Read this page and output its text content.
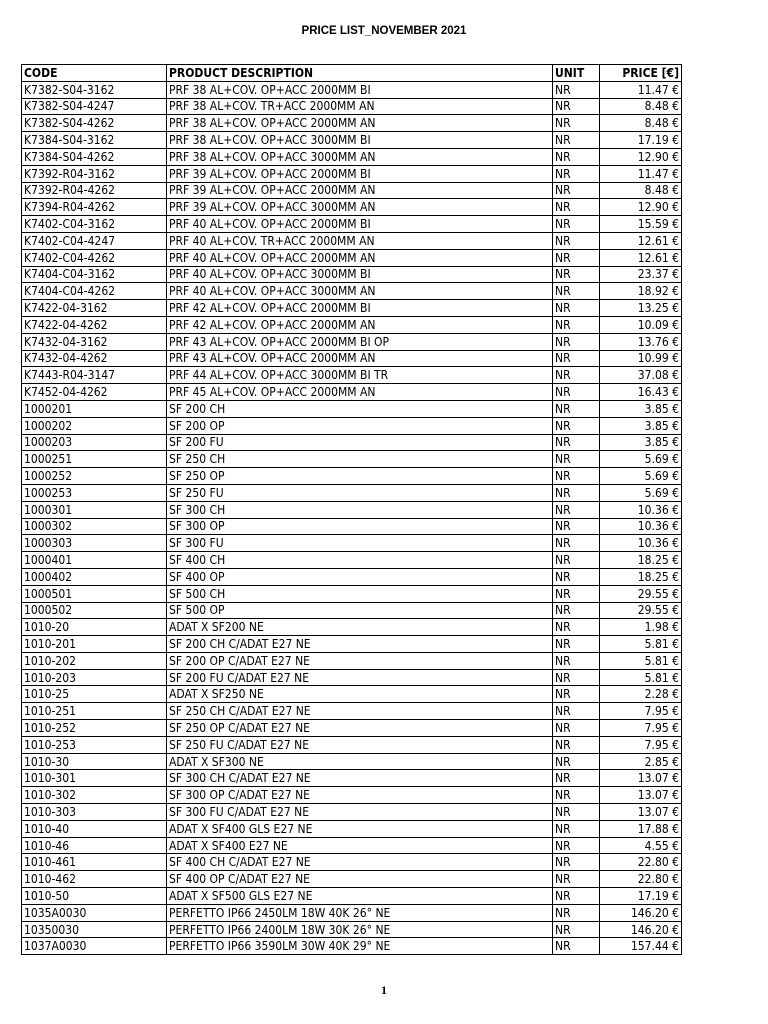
PRICE LIST_NOVEMBER 2021
CODE	PRODUCT DESCRIPTION	UNIT	PRICE [€]
K7382-S04-3162	PRF 38 AL+COV. OP+ACC 2000MM BI	NR	11.47 €
K7382-S04-4247	PRF 38 AL+COV. TR+ACC 2000MM AN	NR	8.48 €
K7382-S04-4262	PRF 38 AL+COV. OP+ACC 2000MM AN	NR	8.48 €
K7384-S04-3162	PRF 38 AL+COV. OP+ACC 3000MM BI	NR	17.19 €
K7384-S04-4262	PRF 38 AL+COV. OP+ACC 3000MM AN	NR	12.90 €
K7392-R04-3162	PRF 39 AL+COV. OP+ACC 2000MM BI	NR	11.47 €
K7392-R04-4262	PRF 39 AL+COV. OP+ACC 2000MM AN	NR	8.48 €
K7394-R04-4262	PRF 39 AL+COV. OP+ACC 3000MM AN	NR	12.90 €
K7402-C04-3162	PRF 40 AL+COV. OP+ACC 2000MM BI	NR	15.59 €
K7402-C04-4247	PRF 40 AL+COV. TR+ACC 2000MM AN	NR	12.61 €
K7402-C04-4262	PRF 40 AL+COV. OP+ACC 2000MM AN	NR	12.61 €
K7404-C04-3162	PRF 40 AL+COV. OP+ACC 3000MM BI	NR	23.37 €
K7404-C04-4262	PRF 40 AL+COV. OP+ACC 3000MM AN	NR	18.92 €
K7422-04-3162	PRF 42 AL+COV. OP+ACC 2000MM BI	NR	13.25 €
K7422-04-4262	PRF 42 AL+COV. OP+ACC 2000MM AN	NR	10.09 €
K7432-04-3162	PRF 43 AL+COV. OP+ACC 2000MM BI OP	NR	13.76 €
K7432-04-4262	PRF 43 AL+COV. OP+ACC 2000MM AN	NR	10.99 €
K7443-R04-3147	PRF 44 AL+COV. OP+ACC 3000MM BI TR	NR	37.08 €
K7452-04-4262	PRF 45 AL+COV. OP+ACC 2000MM AN	NR	16.43 €
1000201	SF 200 CH	NR	3.85 €
1000202	SF 200 OP	NR	3.85 €
1000203	SF 200 FU	NR	3.85 €
1000251	SF 250 CH	NR	5.69 €
1000252	SF 250 OP	NR	5.69 €
1000253	SF 250 FU	NR	5.69 €
1000301	SF 300 CH	NR	10.36 €
1000302	SF 300 OP	NR	10.36 €
1000303	SF 300 FU	NR	10.36 €
1000401	SF 400 CH	NR	18.25 €
1000402	SF 400 OP	NR	18.25 €
1000501	SF 500 CH	NR	29.55 €
1000502	SF 500 OP	NR	29.55 €
1010-20	ADAT X SF200 NE	NR	1.98 €
1010-201	SF 200 CH C/ADAT E27 NE	NR	5.81 €
1010-202	SF 200 OP C/ADAT E27 NE	NR	5.81 €
1010-203	SF 200 FU C/ADAT E27 NE	NR	5.81 €
1010-25	ADAT X SF250 NE	NR	2.28 €
1010-251	SF 250 CH C/ADAT E27 NE	NR	7.95 €
1010-252	SF 250 OP C/ADAT E27 NE	NR	7.95 €
1010-253	SF 250 FU C/ADAT E27 NE	NR	7.95 €
1010-30	ADAT X SF300 NE	NR	2.85 €
1010-301	SF 300 CH C/ADAT E27 NE	NR	13.07 €
1010-302	SF 300 OP C/ADAT E27 NE	NR	13.07 €
1010-303	SF 300 FU C/ADAT E27 NE	NR	13.07 €
1010-40	ADAT X SF400 GLS E27 NE	NR	17.88 €
1010-46	ADAT X SF400 E27 NE	NR	4.55 €
1010-461	SF 400 CH C/ADAT E27 NE	NR	22.80 €
1010-462	SF 400 OP C/ADAT E27 NE	NR	22.80 €
1010-50	ADAT X SF500 GLS E27 NE	NR	17.19 €
1035A0030	PERFETTO IP66 2450LM 18W 40K 26° NE	NR	146.20 €
10350030	PERFETTO IP66 2400LM 18W 30K 26° NE	NR	146.20 €
1037A0030	PERFETTO IP66 3590LM 30W 40K 29° NE	NR	157.44 €
1
